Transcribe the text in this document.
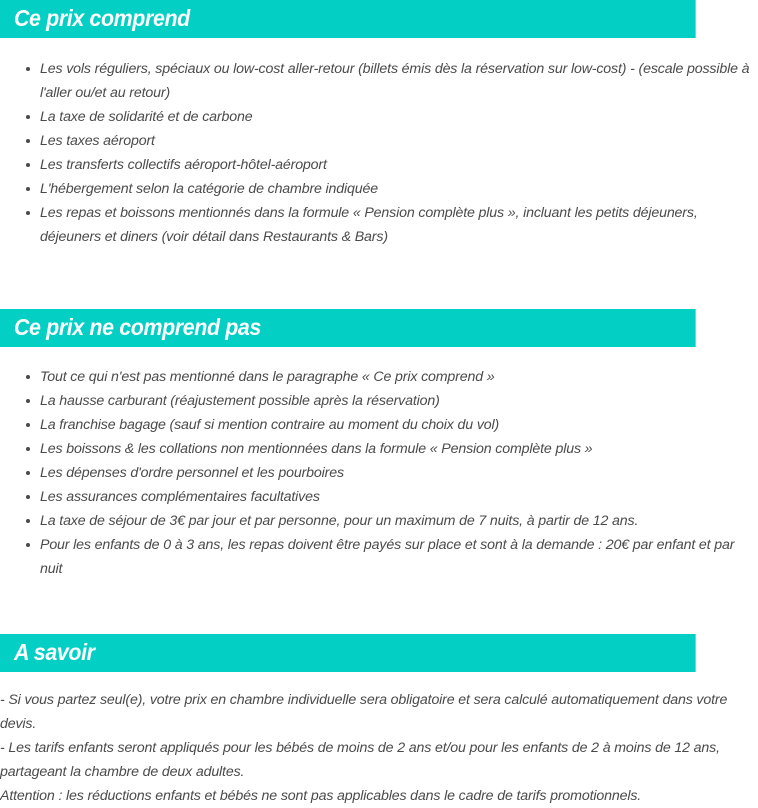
Ce prix comprend
Les vols réguliers, spéciaux ou low-cost aller-retour (billets émis dès la réservation sur low-cost) - (escale possible à l'aller ou/et au retour)
La taxe de solidarité et de carbone
Les taxes aéroport
Les transferts collectifs aéroport-hôtel-aéroport
L'hébergement selon la catégorie de chambre indiquée
Les repas et boissons mentionnés dans la formule « Pension complète plus », incluant les petits déjeuners, déjeuners et diners (voir détail dans Restaurants & Bars)
Ce prix ne comprend pas
Tout ce qui n'est pas mentionné dans le paragraphe « Ce prix comprend »
La hausse carburant (réajustement possible après la réservation)
La franchise bagage (sauf si mention contraire au moment du choix du vol)
Les boissons & les collations non mentionnées dans la formule « Pension complète plus »
Les dépenses d'ordre personnel et les pourboires
Les assurances complémentaires facultatives
La taxe de séjour de 3€ par jour et par personne, pour un maximum de 7 nuits, à partir de 12 ans.
Pour les enfants de 0 à 3 ans, les repas doivent être payés sur place et sont à la demande : 20€ par enfant et par nuit
A savoir

- Si vous partez seul(e), votre prix en chambre individuelle sera obligatoire et sera calculé automatiquement dans votre devis.

- Les tarifs enfants seront appliqués pour les bébés de moins de 2 ans et/ou pour les enfants de 2 à moins de 12 ans, partageant la chambre de deux adultes.

Attention : les réductions enfants et bébés ne sont pas applicables dans le cadre de tarifs promotionnels.
